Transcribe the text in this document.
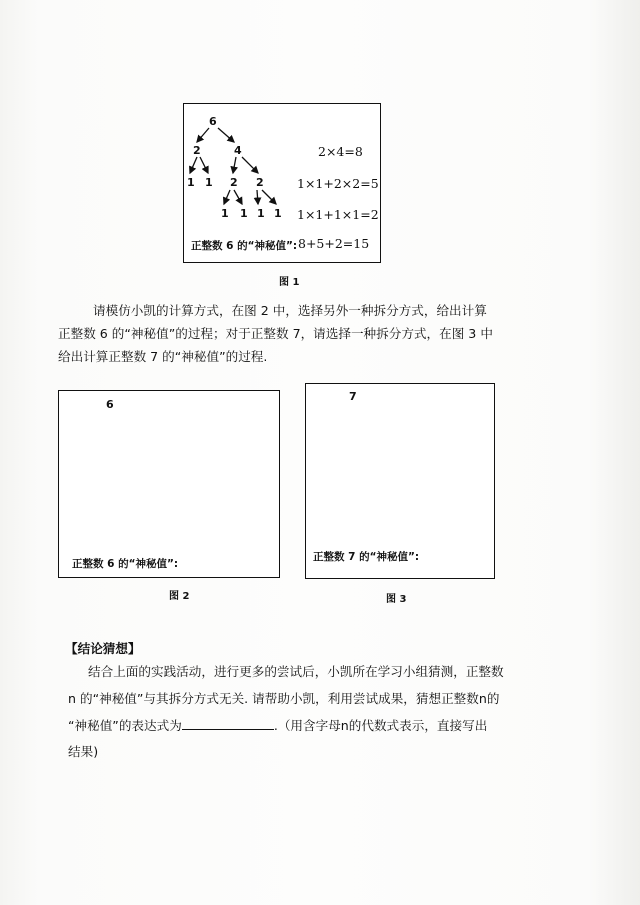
6
2	4
1 1 2 2
1 1 1 1
2×4=8
1×1+2×2=5
1×1+1×1=2
正整数 6 的“神秘值”: 8+5+2=15
图 1
请模仿小凯的计算方式，在图 2 中，选择另外一种拆分方式，给出计算
正整数 6 的“神秘值”的过程；对于正整数 7，请选择一种拆分方式，在图 3 中
给出计算正整数 7 的“神秘值”的过程.
6
正整数 6 的“神秘值”:
图 2
7
正整数 7 的“神秘值”:
图 3
【结论猜想】
结合上面的实践活动，进行更多的尝试后，小凯所在学习小组猜测，正整数
n 的“神秘值”与其拆分方式无关. 请帮助小凯，利用尝试成果，猜想正整数n的
“神秘值”的表达式为	.（用含字母n的代数式表示，直接写出
结果)
